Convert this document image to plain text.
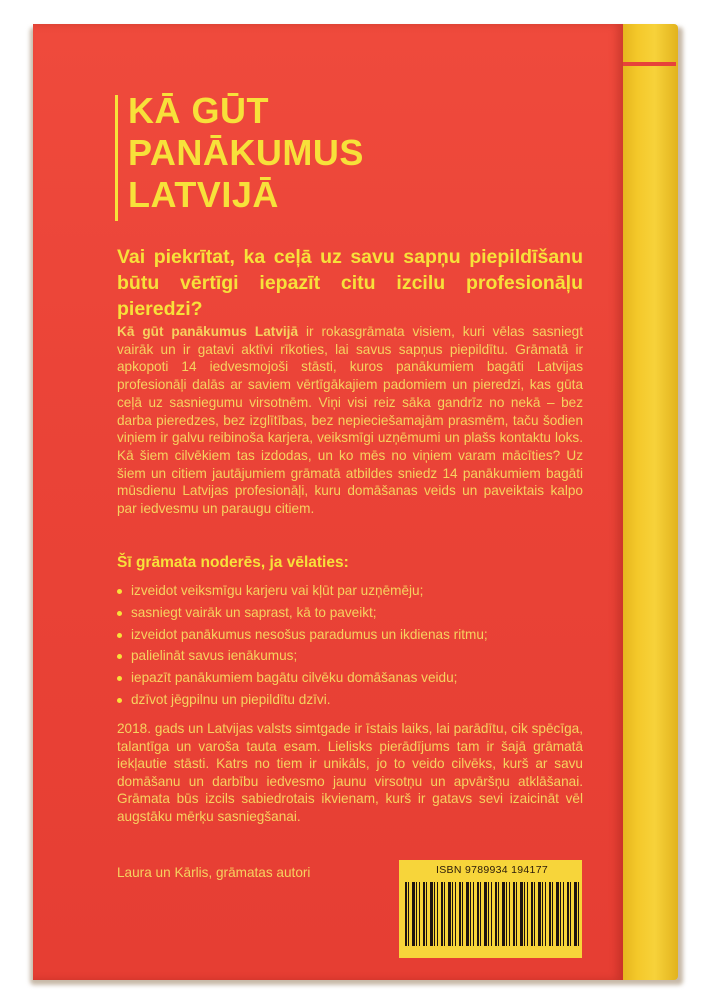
KĀ GŪT
PANĀKUMUS
LATVIJĀ
Vai piekrītat, ka ceļā uz savu sapņu piepildīšanu būtu vērtīgi iepazīt citu izcilu profesionāļu pieredzi?
Kā gūt panākumus Latvijā ir rokasgrāmata visiem, kuri vēlas sasniegt vairāk un ir gatavi aktīvi rīkoties, lai savus sapņus piepildītu. Grāmatā ir apkopoti 14 iedvesmojoši stāsti, kuros panākumiem bagāti Latvijas profesionāļi dalās ar saviem vērtīgākajiem padomiem un pieredzi, kas gūta ceļā uz sasniegumu virsotnēm. Viņi visi reiz sāka gandrīz no nekā – bez darba pieredzes, bez izglītības, bez nepieciešamajām prasmēm, taču šodien viņiem ir galvu reibinoša karjera, veiksmīgi uzņēmumi un plašs kontaktu loks. Kā šiem cilvēkiem tas izdodas, un ko mēs no viņiem varam mācīties? Uz šiem un citiem jautājumiem grāmatā atbildes sniedz 14 panākumiem bagāti mūsdienu Latvijas profesionāļi, kuru domāšanas veids un paveiktais kalpo par iedvesmu un paraugu citiem.
Šī grāmata noderēs, ja vēlaties:
izveidot veiksmīgu karjeru vai kļūt par uzņēmēju;
sasniegt vairāk un saprast, kā to paveikt;
izveidot panākumus nesošus paradumus un ikdienas ritmu;
palielināt savus ienākumus;
iepazīt panākumiem bagātu cilvēku domāšanas veidu;
dzīvot jēgpilnu un piepildītu dzīvi.
2018. gads un Latvijas valsts simtgade ir īstais laiks, lai parādītu, cik spēcīga, talantīga un varoša tauta esam. Lielisks pierādījums tam ir šajā grāmatā iekļautie stāsti. Katrs no tiem ir unikāls, jo to veido cilvēks, kurš ar savu domāšanu un darbību iedvesmo jaunu virsotņu un apvāršņu atklāšanai. Grāmata būs izcils sabiedrotais ikvienam, kurš ir gatavs sevi izaicināt vēl augstāku mērķu sasniegšanai.
Laura un Kārlis, grāmatas autori	ISBN 9789934 194177
